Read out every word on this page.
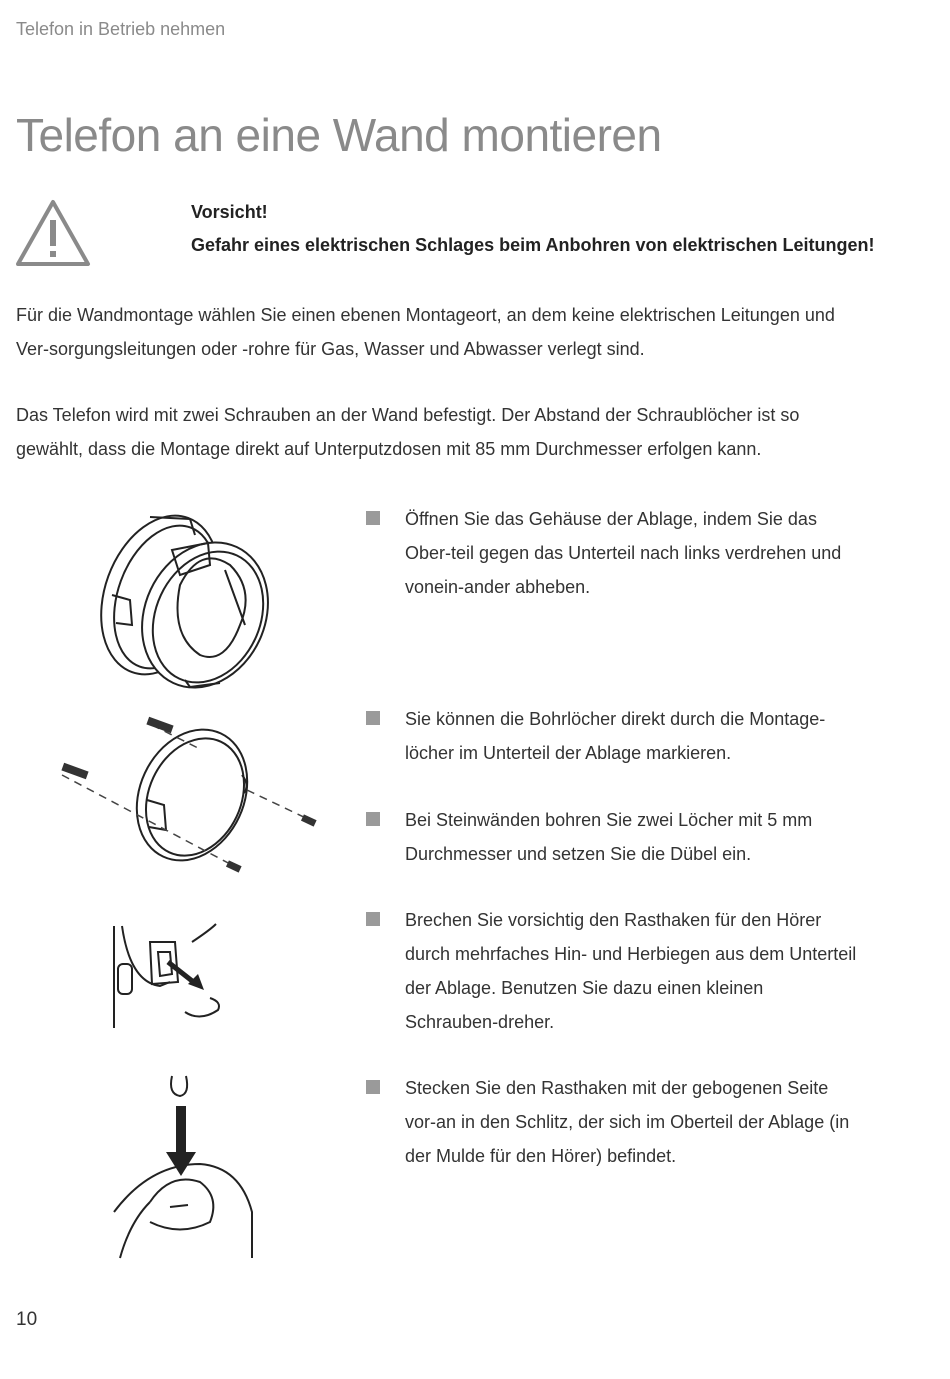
Telefon in Betrieb nehmen
Telefon an eine Wand montieren
Vorsicht!
Gefahr eines elektrischen Schlages beim Anbohren von elektrischen Leitungen!

Für die Wandmontage wählen Sie einen ebenen Montageort, an dem keine elektrischen Leitungen und Ver-sorgungsleitungen oder -rohre für Gas, Wasser und Abwasser verlegt sind.

Das Telefon wird mit zwei Schrauben an der Wand befestigt. Der Abstand der Schraublöcher ist so gewählt, dass die Montage direkt auf Unterputzdosen mit 85 mm Durchmesser erfolgen kann.

Öffnen Sie das Gehäuse der Ablage, indem Sie das Ober-teil gegen das Unterteil nach links verdrehen und vonein-ander abheben.

Sie können die Bohrlöcher direkt durch die Montage-löcher im Unterteil der Ablage markieren.

Bei Steinwänden bohren Sie zwei Löcher mit 5 mm Durchmesser und setzen Sie die Dübel ein.

Brechen Sie vorsichtig den Rasthaken für den Hörer durch mehrfaches Hin- und Herbiegen aus dem Unterteil der Ablage. Benutzen Sie dazu einen kleinen Schrauben-dreher.

Stecken Sie den Rasthaken mit der gebogenen Seite vor-an in den Schlitz, der sich im Oberteil der Ablage (in der Mulde für den Hörer) befindet.

10
